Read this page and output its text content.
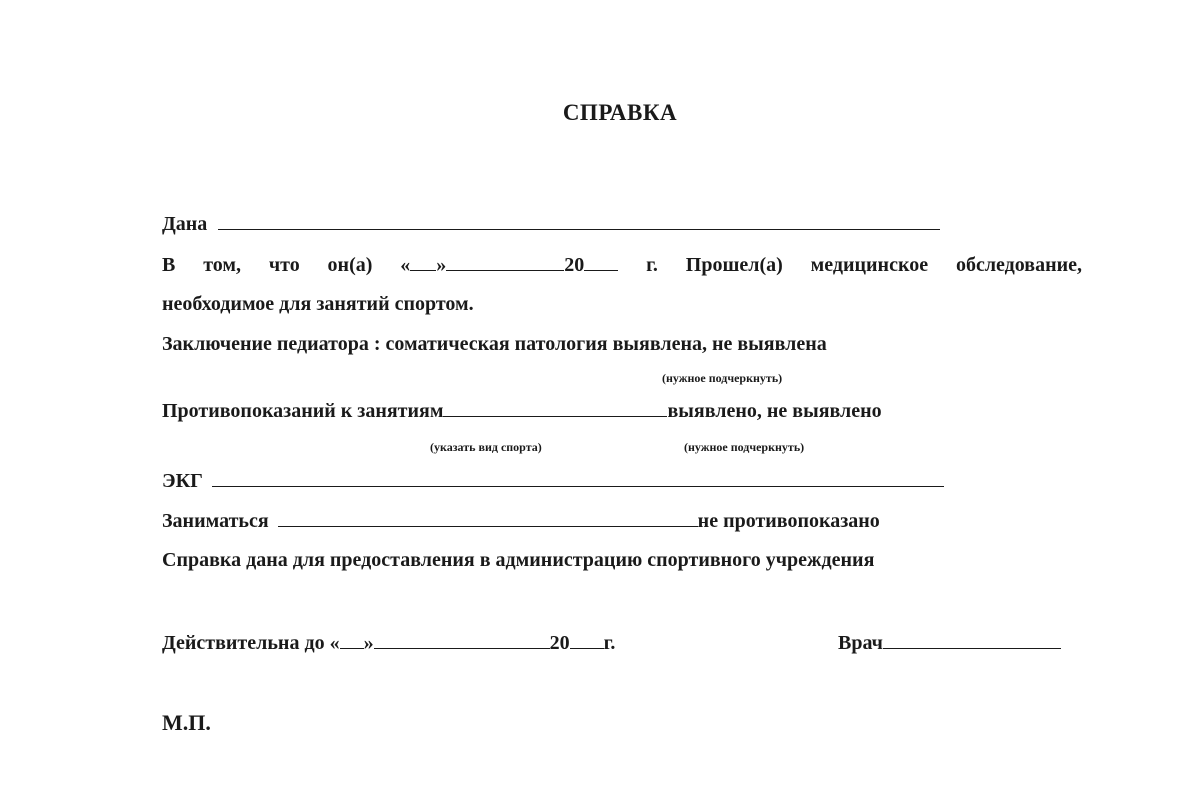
СПРАВКА
Дана
В том, что он(а) « »	20	г. Прошел(а) медицинское обследование,
необходимое для занятий спортом.
Заключение педиатора : соматическая патология выявлена, не выявлена
(нужное подчеркнуть)
Противопоказаний к занятиям	выявлено, не выявлено
(указать вид спорта)	(нужное подчеркнуть)
ЭКГ
Заниматься	не противопоказано
Справка дана для предоставления в администрацию спортивного учреждения
Действительна до « »	20 г.	Врач
М.П.
